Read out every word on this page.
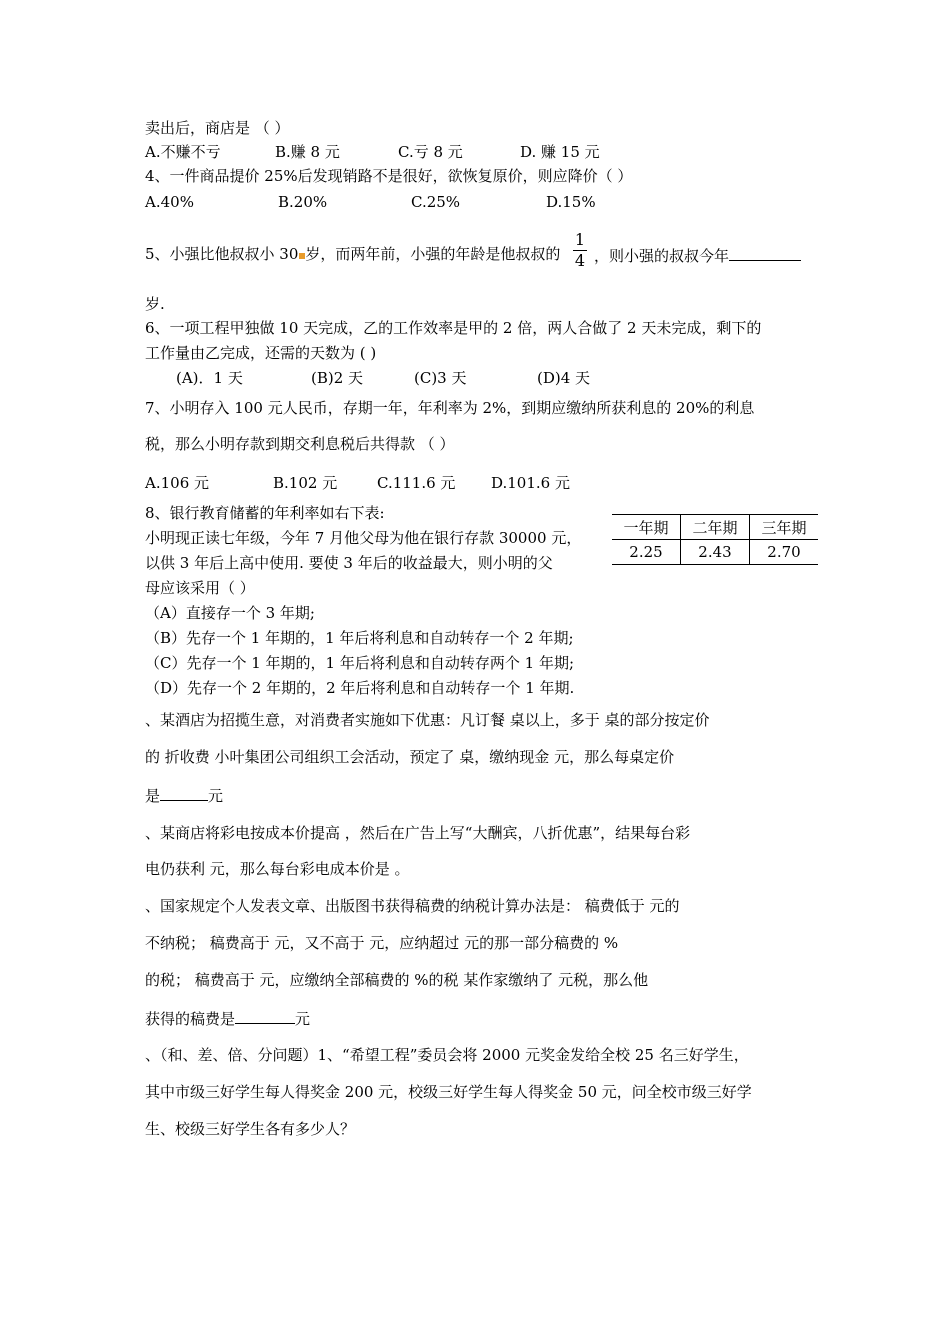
卖出后，商店是 （ ）
A.不赚不亏	B.赚 8 元	C.亏 8 元	D. 赚 15 元
4、一件商品提价 25%后发现销路不是很好，欲恢复原价，则应降价（ ）
A.40%	B.20%	C.25%	D.15%
5、小强比他叔叔小 30 岁，而两年前，小强的年龄是他叔叔的
1
4 ，则小强的叔叔今年
岁.
6、一项工程甲独做 10 天完成，乙的工作效率是甲的 2 倍，两人合做了 2 天未完成，剩下的
工作量由乙完成，还需的天数为 ( )
(A)．1 天	(B)2 天	(C)3 天	(D)4 天
7、小明存入 100 元人民币，存期一年，年利率为 2%，到期应缴纳所获利息的 20%的利息
税，那么小明存款到期交利息税后共得款 （ ）
A.106 元	B.102 元	C.111.6 元 D.101.6 元
8、银行教育储蓄的年利率如右下表:
小明现正读七年级，今年 7 月他父母为他在银行存款 30000 元，
以供 3 年后上高中使用. 要使 3 年后的收益最大，则小明的父
母应该采用（ ）
一年期	二年期	三年期
2.25	2.43	2.70
（A）直接存一个 3 年期;
（B）先存一个 1 年期的，1 年后将利息和自动转存一个 2 年期;
（C）先存一个 1 年期的，1 年后将利息和自动转存两个 1 年期;
（D）先存一个 2 年期的，2 年后将利息和自动转存一个 1 年期.
、某酒店为招揽生意，对消费者实施如下优惠：凡订餐 桌以上，多于 桌的部分按定价
的 折收费 小叶集团公司组织工会活动，预定了 桌，缴纳现金 元，那么每桌定价
是	元
、某商店将彩电按成本价提高 ，然后在广告上写“大酬宾，八折优惠”，结果每台彩
电仍获利 元，那么每台彩电成本价是 。
、国家规定个人发表文章、出版图书获得稿费的纳税计算办法是： 稿费低于 元的
不纳税； 稿费高于 元，又不高于 元，应纳超过 元的那一部分稿费的 %
的税； 稿费高于 元，应缴纳全部稿费的 %的税 某作家缴纳了 元税，那么他
获得的稿费是	元
、（和、差、倍、分问题）1、“希望工程”委员会将 2000 元奖金发给全校 25 名三好学生，
其中市级三好学生每人得奖金 200 元，校级三好学生每人得奖金 50 元，问全校市级三好学
生、校级三好学生各有多少人？
